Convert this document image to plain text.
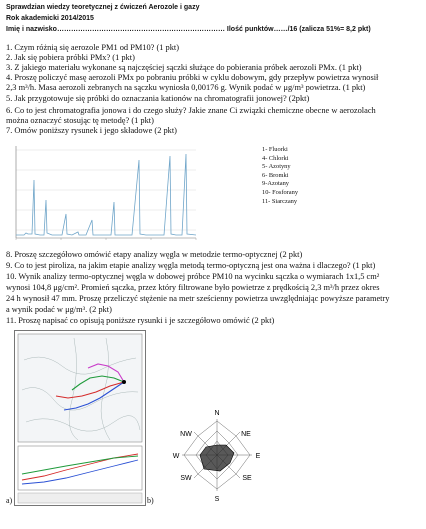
Sprawdzian wiedzy teoretycznej z ćwiczeń Aerozole i gazy
Rok akademicki 2014/2015
Imię i nazwisko……………………………………………………………… Ilość punktów……/16 (zalicza 51%= 8,2 pkt)
1. Czym różnią się aerozole PM1 od PM10? (1 pkt)
2. Jak się pobiera próbki PMx? (1 pkt)
3. Z jakiego materiału wykonane są najczęściej sączki służące do pobierania próbek aerozoli PMx. (1 pkt)
4. Proszę policzyć masę aerozoli PMx po pobraniu próbki w cyklu dobowym, gdy przepływ powietrza wynosił
2,3 m³/h. Masa aerozoli zebranych na sączku wyniosła 0,00176 g. Wynik podać w μg/m³ powietrza. (1 pkt)
5. Jak przygotowuje się próbki do oznaczania kationów na chromatografii jonowej? (2pkt)
6. Co to jest chromatografia jonowa i do czego służy? Jakie znane Ci związki chemiczne obecne w aerozolach
można oznaczyć stosując tę metodę? (1 pkt)
7. Omów poniższy rysunek i jego składowe (2 pkt)
1- Fluorki
4- Chlorki
5- Azotyny
6- Bromki
9-Azotany
10- Fosforany
11- Siarczany
8. Proszę szczegółowo omówić etapy analizy węgla w metodzie termo-optycznej (2 pkt)
9. Co to jest piroliza, na jakim etapie analizy węgla metodą termo-optyczną jest ona ważna i dlaczego? (1 pkt)
10. Wynik analizy termo-optycznej węgla w dobowej próbce PM10 na wycinku sączka o wymiarach 1x1,5 cm²
wynosi 104,8 μg/cm². Promień sączka, przez który filtrowane było powietrze z prędkością 2,3 m³/h przez okres
24 h wynosił 47 mm. Proszę przeliczyć stężenie na metr sześcienny powietrza uwzględniając powyższe parametry
a wynik podać w μg/m³. (2 pkt)
11. Proszę napisać co opisują poniższe rysunki i je szczegółowo omówić (2 pkt)
a)
N
NE
E
SE
S
SW
W
NW
b)
